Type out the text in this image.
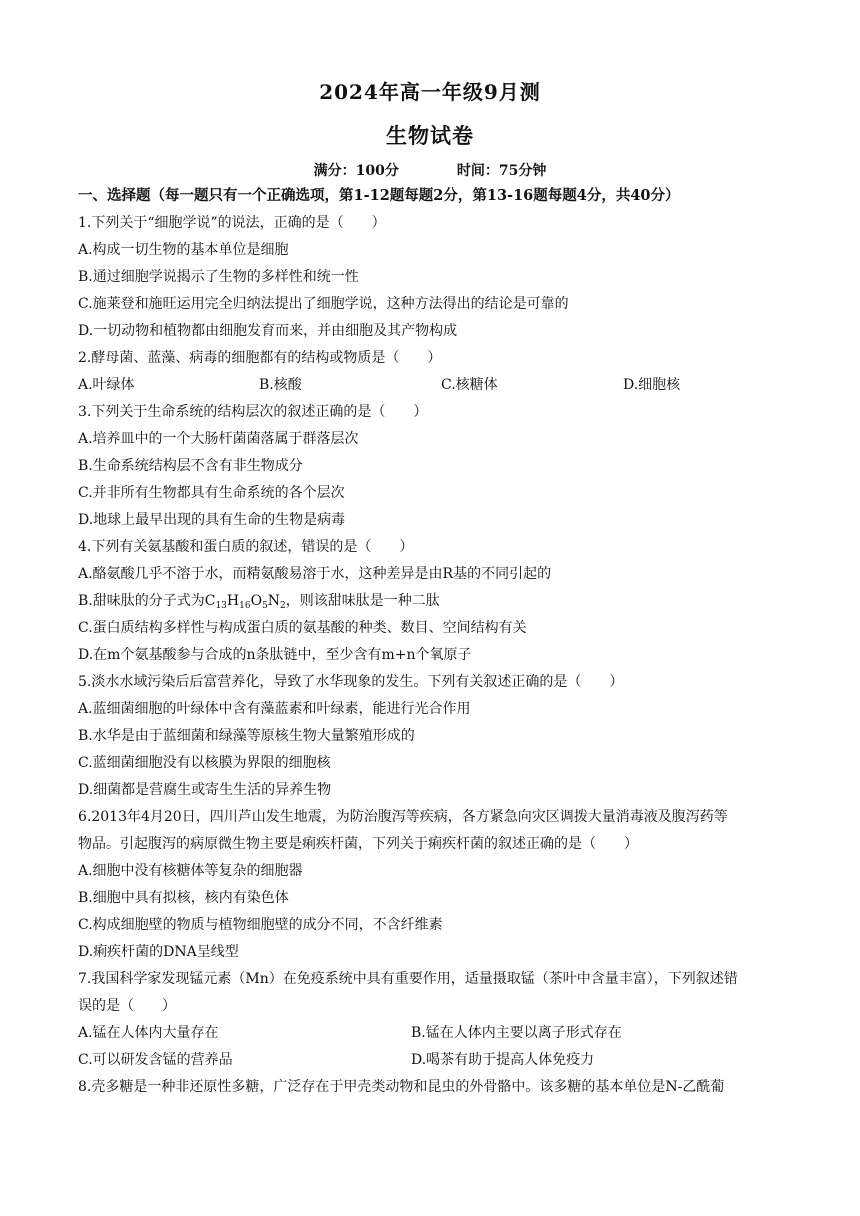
2024年高一年级9月测
生物试卷
满分：100分	时间：75分钟
一、选择题（每一题只有一个正确选项，第1-12题每题2分，第13-16题每题4分，共40分）
1.下列关于“细胞学说”的说法，正确的是（　　）
A.构成一切生物的基本单位是细胞
B.通过细胞学说揭示了生物的多样性和统一性
C.施莱登和施旺运用完全归纳法提出了细胞学说，这种方法得出的结论是可靠的
D.一切动物和植物都由细胞发育而来，并由细胞及其产物构成
2.酵母菌、蓝藻、病毒的细胞都有的结构或物质是（　　）
A.叶绿体	B.核酸	C.核糖体	D.细胞核
3.下列关于生命系统的结构层次的叙述正确的是（　　）
A.培养皿中的一个大肠杆菌菌落属于群落层次
B.生命系统结构层不含有非生物成分
C.并非所有生物都具有生命系统的各个层次
D.地球上最早出现的具有生命的生物是病毒
4.下列有关氨基酸和蛋白质的叙述，错误的是（　　）
A.酪氨酸几乎不溶于水，而精氨酸易溶于水，这种差异是由R基的不同引起的
B.甜味肽的分子式为$C_{13}H_{16}O_5N_2$，则该甜味肽是一种二肽
C.蛋白质结构多样性与构成蛋白质的氨基酸的种类、数目、空间结构有关
D.在m个氨基酸参与合成的n条肽链中，至少含有m+n个氧原子
5.淡水水域污染后后富营养化，导致了水华现象的发生。下列有关叙述正确的是（　　）
A.蓝细菌细胞的叶绿体中含有藻蓝素和叶绿素，能进行光合作用
B.水华是由于蓝细菌和绿藻等原核生物大量繁殖形成的
C.蓝细菌细胞没有以核膜为界限的细胞核
D.细菌都是营腐生或寄生生活的异养生物
6.2013年4月20日，四川芦山发生地震，为防治腹泻等疾病，各方紧急向灾区调拨大量消毒液及腹泻药等
物品。引起腹泻的病原微生物主要是痢疾杆菌，下列关于痢疾杆菌的叙述正确的是（　　）
A.细胞中没有核糖体等复杂的细胞器
B.细胞中具有拟核，核内有染色体
C.构成细胞壁的物质与植物细胞壁的成分不同，不含纤维素
D.痢疾杆菌的DNA呈线型
7.我国科学家发现锰元素（Mn）在免疫系统中具有重要作用，适量摄取锰（茶叶中含量丰富），下列叙述错
误的是（　　）
A.锰在人体内大量存在	B.锰在人体内主要以离子形式存在
C.可以研发含锰的营养品	D.喝茶有助于提高人体免疫力
8.壳多糖是一种非还原性多糖，广泛存在于甲壳类动物和昆虫的外骨骼中。该多糖的基本单位是N-乙酰葡
